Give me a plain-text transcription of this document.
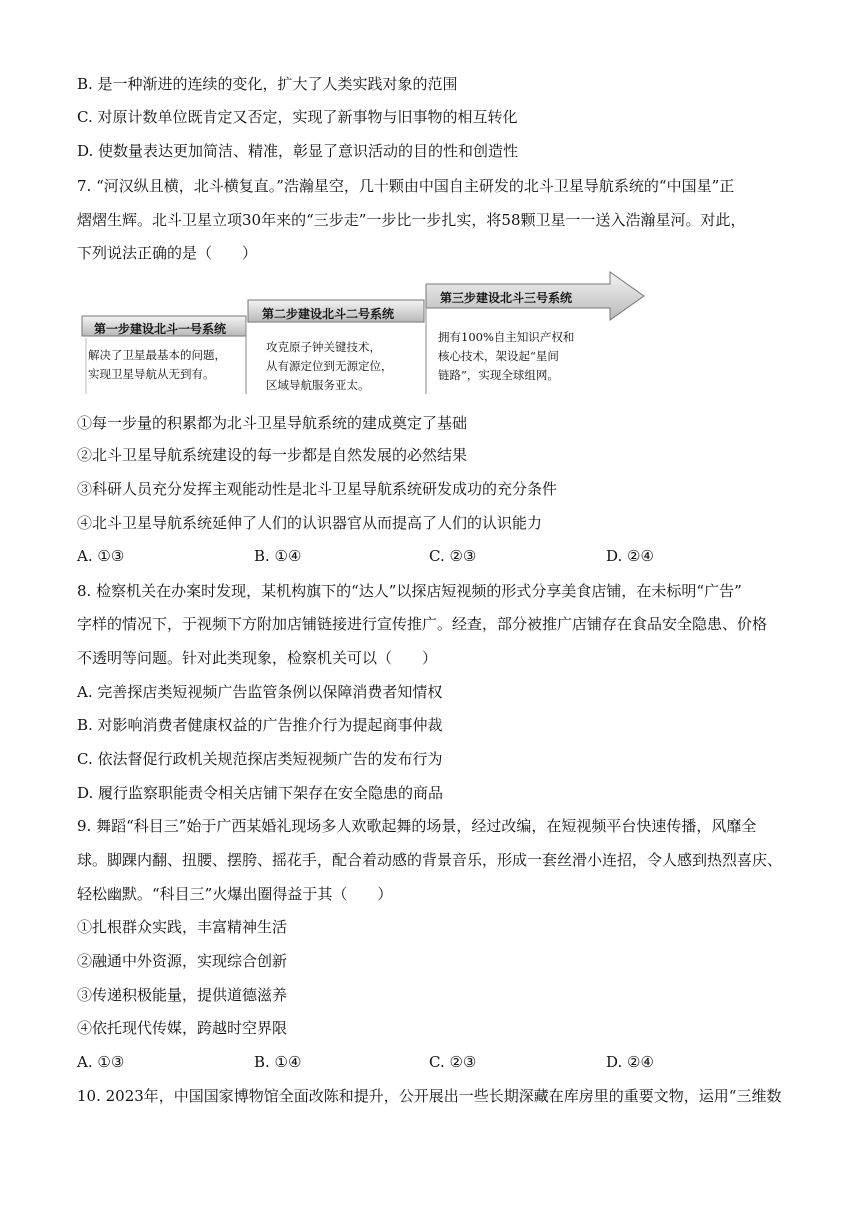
B. 是一种渐进的连续的变化，扩大了人类实践对象的范围
C. 对原计数单位既肯定又否定，实现了新事物与旧事物的相互转化
D. 使数量表达更加简洁、精准，彰显了意识活动的目的性和创造性
7. “河汉纵且横，北斗横复直。”浩瀚星空，几十颗由中国自主研发的北斗卫星导航系统的“中国星”正
熠熠生辉。北斗卫星立项30年来的“三步走”一步比一步扎实，将58颗卫星一一送入浩瀚星河。对此，
下列说法正确的是（　　）
第一步建设北斗一号系统
第二步建设北斗二号系统
第三步建设北斗三号系统
解决了卫星最基本的问题，
实现卫星导航从无到有。
攻克原子钟关键技术，
从有源定位到无源定位，
区域导航服务亚太。
拥有100%自主知识产权和
核心技术，架设起“星间
链路”，实现全球组网。
①每一步量的积累都为北斗卫星导航系统的建成奠定了基础
②北斗卫星导航系统建设的每一步都是自然发展的必然结果
③科研人员充分发挥主观能动性是北斗卫星导航系统研发成功的充分条件
④北斗卫星导航系统延伸了人们的认识器官从而提高了人们的认识能力
A. ①③	B. ①④	C. ②③	D. ②④
8. 检察机关在办案时发现，某机构旗下的“达人”以探店短视频的形式分享美食店铺，在未标明“广告”
字样的情况下，于视频下方附加店铺链接进行宣传推广。经查，部分被推广店铺存在食品安全隐患、价格
不透明等问题。针对此类现象，检察机关可以（　　）
A. 完善探店类短视频广告监管条例以保障消费者知情权
B. 对影响消费者健康权益的广告推介行为提起商事仲裁
C. 依法督促行政机关规范探店类短视频广告的发布行为
D. 履行监察职能责令相关店铺下架存在安全隐患的商品
9. 舞蹈“科目三”始于广西某婚礼现场多人欢歌起舞的场景，经过改编，在短视频平台快速传播，风靡全
球。脚踝内翻、扭腰、摆胯、摇花手，配合着动感的背景音乐，形成一套丝滑小连招，令人感到热烈喜庆、
轻松幽默。“科目三”火爆出圈得益于其（　　）
①扎根群众实践，丰富精神生活
②融通中外资源，实现综合创新
③传递积极能量，提供道德滋养
④依托现代传媒，跨越时空界限
A. ①③	B. ①④	C. ②③	D. ②④
10. 2023年，中国国家博物馆全面改陈和提升，公开展出一些长期深藏在库房里的重要文物，运用“三维数
